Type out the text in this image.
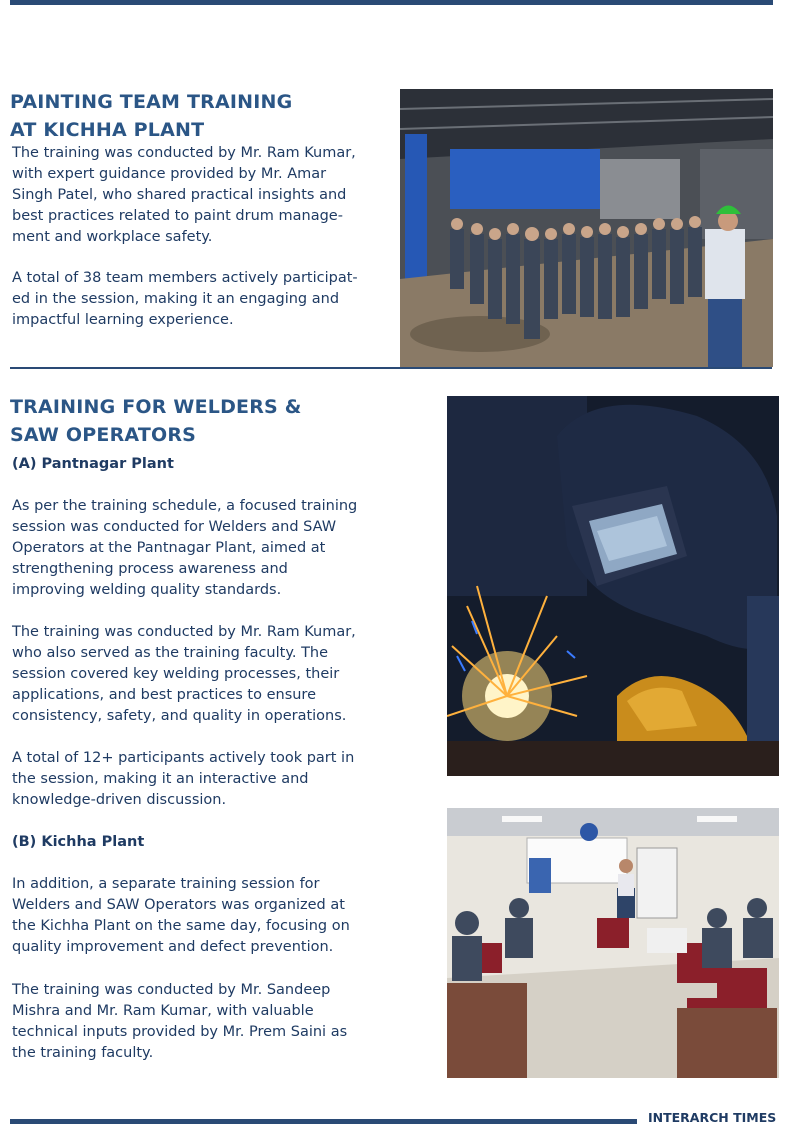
PAINTING TEAM TRAINING
AT KICHHA PLANT
The training was conducted by Mr. Ram Kumar,
with expert guidance provided by Mr. Amar
Singh Patel, who shared practical insights and
best practices related to paint drum manage-
ment and workplace safety.
A total of 38 team members actively participat-
ed in the session, making it an engaging and
impactful learning experience.
TRAINING FOR WELDERS &
SAW OPERATORS
(A) Pantnagar Plant
As per the training schedule, a focused training
session was conducted for Welders and SAW
Operators at the Pantnagar Plant, aimed at
strengthening process awareness and
improving welding quality standards.
The training was conducted by Mr. Ram Kumar,
who also served as the training faculty. The
session covered key welding processes, their
applications, and best practices to ensure
consistency, safety, and quality in operations.
A total of 12+ participants actively took part in
the session, making it an interactive and
knowledge-driven discussion.
(B) Kichha Plant
In addition, a separate training session for
Welders and SAW Operators was organized at
the Kichha Plant on the same day, focusing on
quality improvement and defect prevention.
The training was conducted by Mr. Sandeep
Mishra and Mr. Ram Kumar, with valuable
technical inputs provided by Mr. Prem Saini as
the training faculty.
INTERARCH TIMES
